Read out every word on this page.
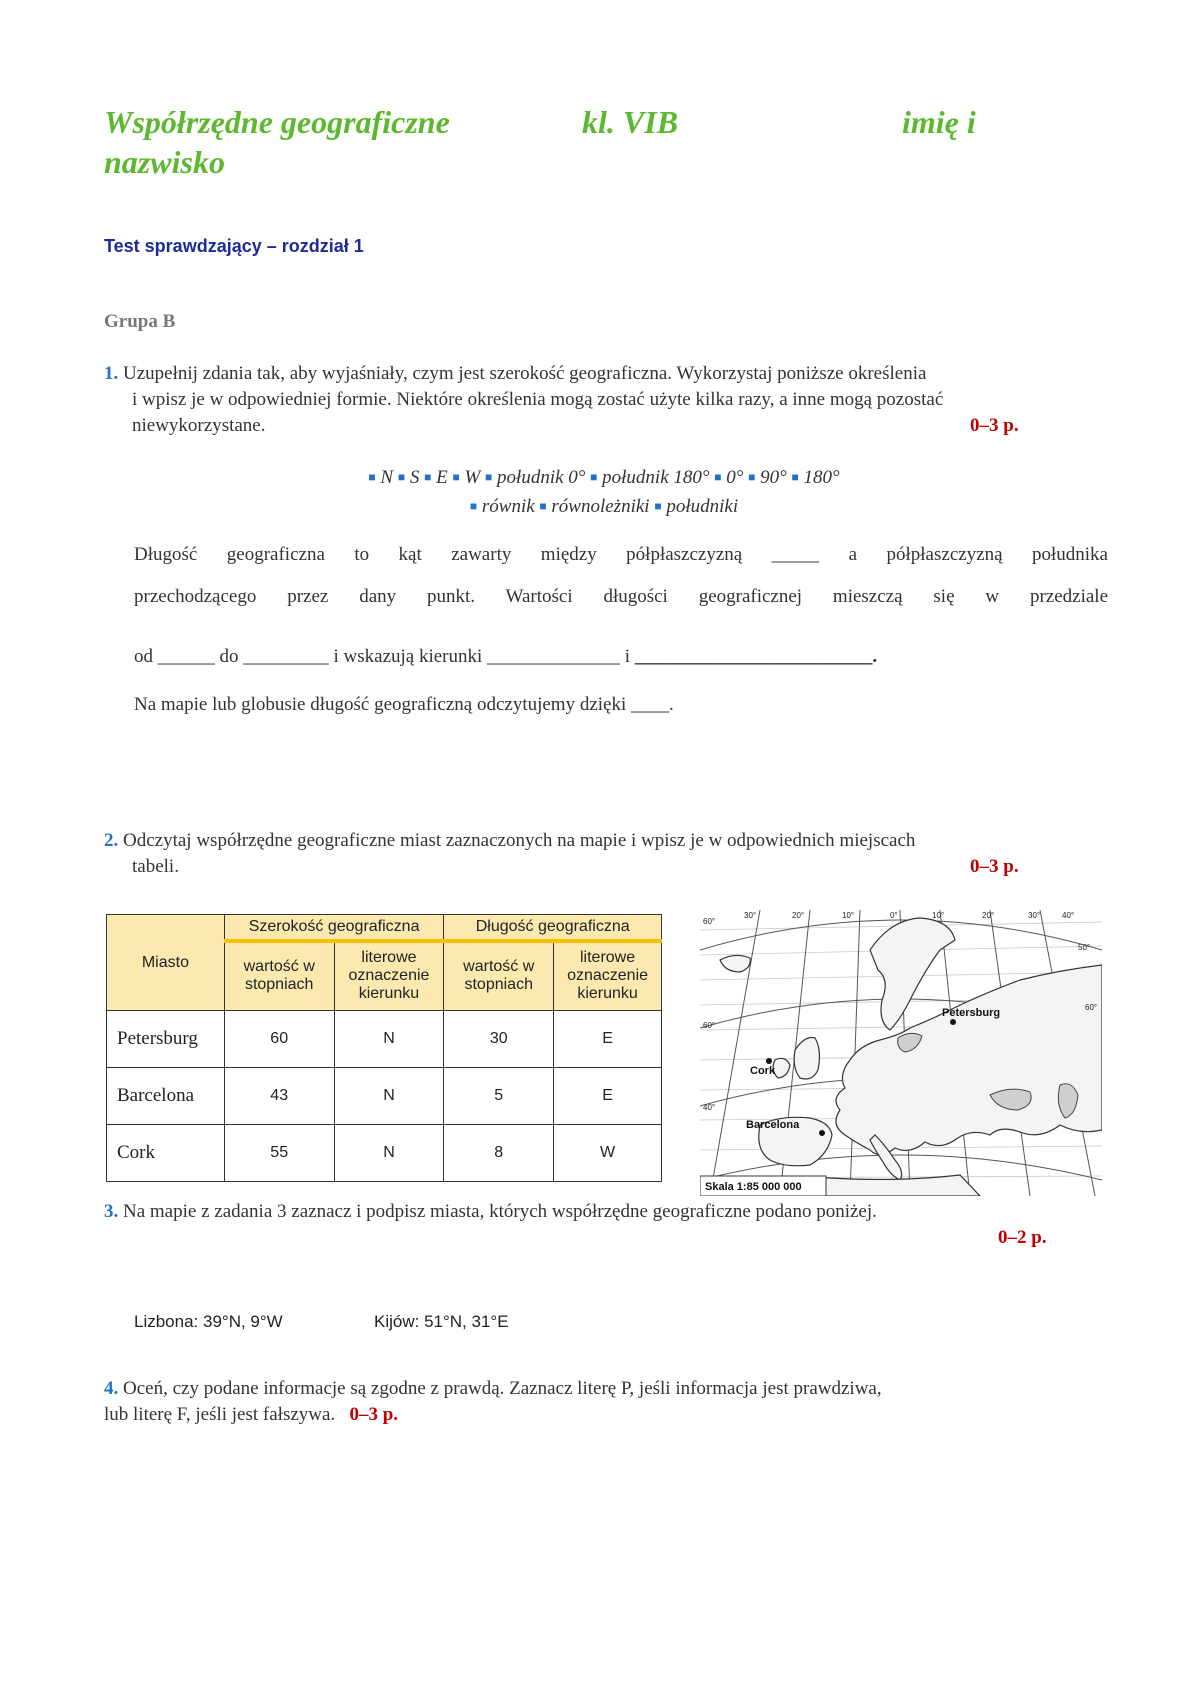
Współrzędne geograficzne	kl. VIB	imię i
nazwisko
Test sprawdzający – rozdział 1
Grupa B
1. Uzupełnij zdania tak, aby wyjaśniały, czym jest szerokość geograficzna. Wykorzystaj poniższe określenia
i wpisz je w odpowiedniej formie. Niektóre określenia mogą zostać użyte kilka razy, a inne mogą pozostać
niewykorzystane.	0–3 p.
■ N ■ S ■ E ■ W ■ południk 0° ■ południk 180° ■ 0° ■ 90° ■ 180°
■ równik ■ równoleżniki ■ południki
Długość geograficzna to kąt zawarty między półpłaszczyzną _____ a półpłaszczyzną południka
przechodzącego przez dany punkt. Wartości długości geograficznej mieszczą się w przedziale
od ______ do _________ i wskazują kierunki ______________ i _________________________.
Na mapie lub globusie długość geograficzną odczytujemy dzięki ____.
2. Odczytaj współrzędne geograficzne miast zaznaczonych na mapie i wpisz je w odpowiednich miejscach
tabeli.	0–3 p.
Miasto	Szerokość geograficzna		Długość geograficzna	
	wartość w stopniach	literowe oznaczenie kierunku	wartość w stopniach	literowe oznaczenie kierunku
Petersburg	60	N	30	E
Barcelona	43	N	5	E
Cork	55	N	8	W
Petersburg
Cork
Barcelona
60°
60°
40°
30°	20°	10°	0°	10°	20°	30°	40°
50°
60°
Skala 1:85 000 000
3. Na mapie z zadania 3 zaznacz i podpisz miasta, których współrzędne geograficzne podano poniżej.
0–2 p.
Lizbona: 39°N, 9°W	Kijów: 51°N, 31°E
4. Oceń, czy podane informacje są zgodne z prawdą. Zaznacz literę P, jeśli informacja jest prawdziwa,
lub literę F, jeśli jest fałszywa. 0–3 p.
